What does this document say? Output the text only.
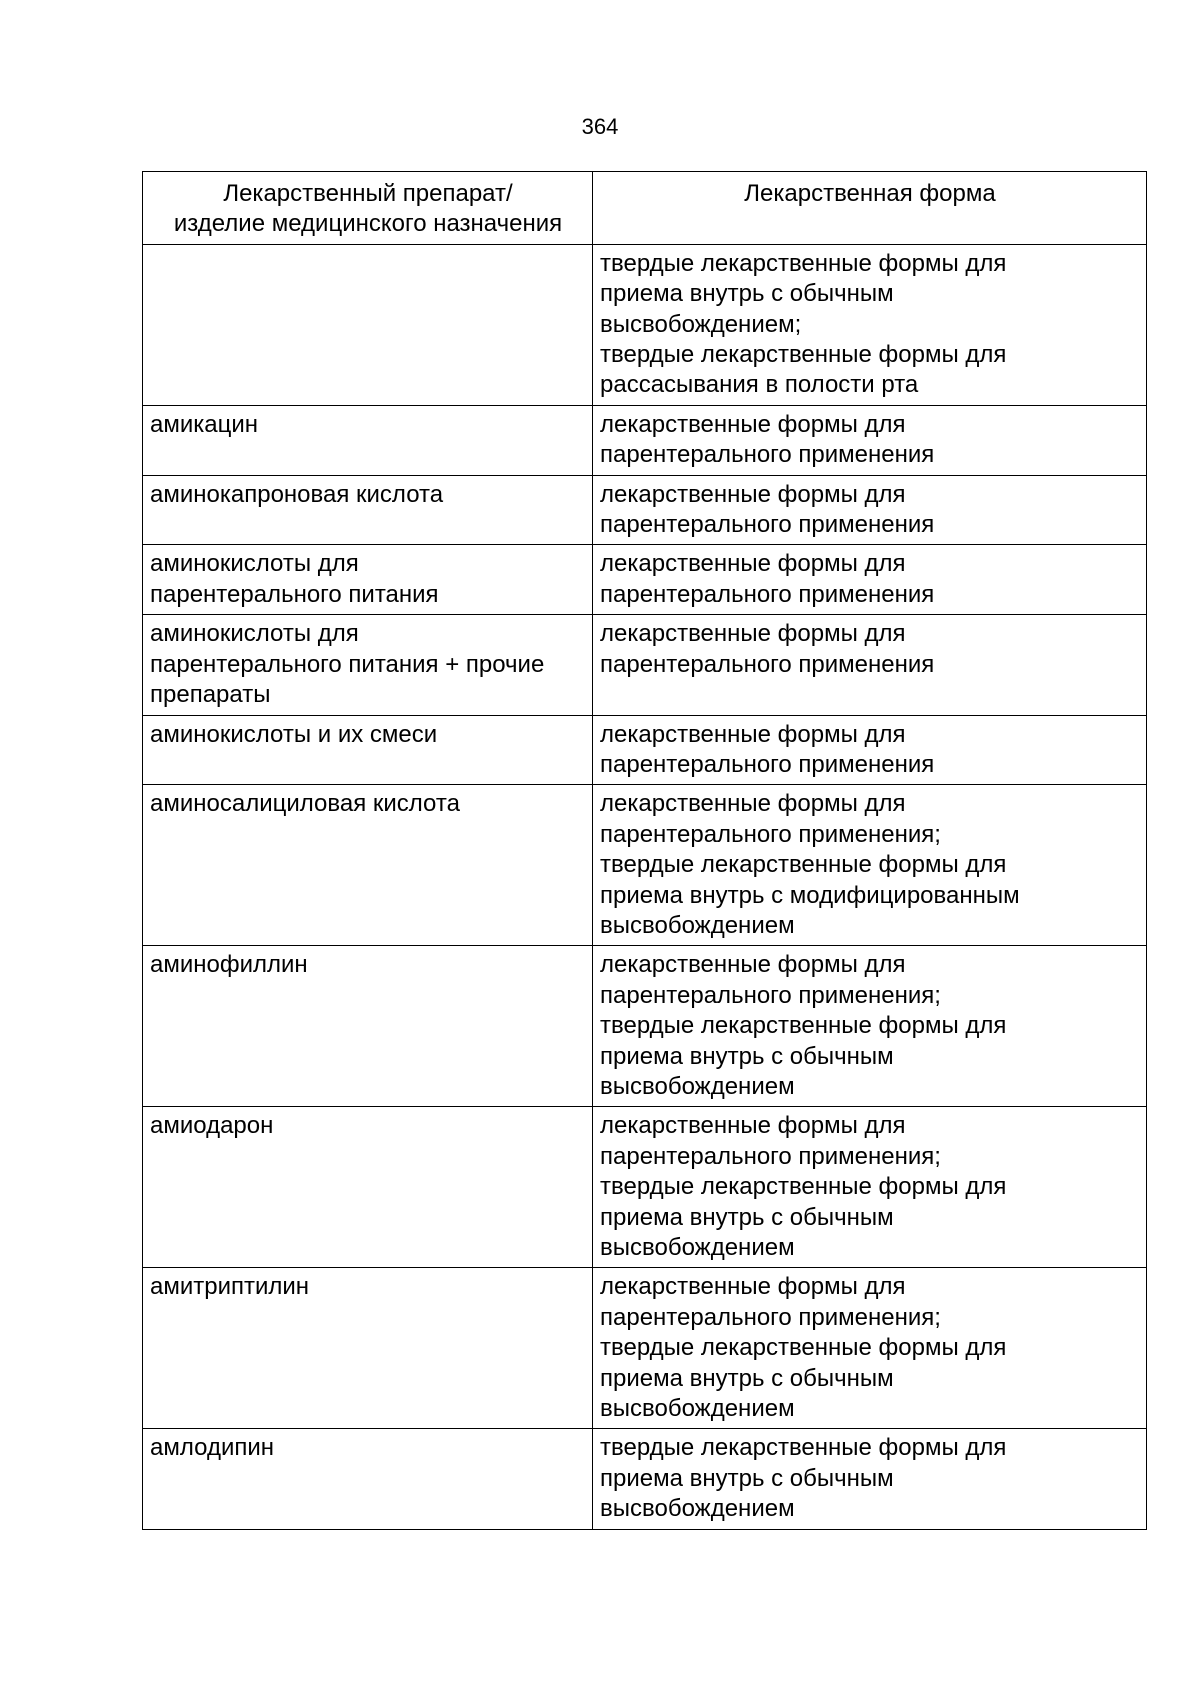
364
Лекарственный препарат/
изделие медицинского назначения	Лекарственная форма
	твердые лекарственные формы для
приема внутрь с обычным
высвобождением;
твердые лекарственные формы для
рассасывания в полости рта
амикацин	лекарственные формы для
парентерального применения
аминокапроновая кислота	лекарственные формы для
парентерального применения
аминокислоты для
парентерального питания	лекарственные формы для
парентерального применения
аминокислоты для
парентерального питания + прочие
препараты	лекарственные формы для
парентерального применения
аминокислоты и их смеси	лекарственные формы для
парентерального применения
аминосалициловая кислота	лекарственные формы для
парентерального применения;
твердые лекарственные формы для
приема внутрь с модифицированным
высвобождением
аминофиллин	лекарственные формы для
парентерального применения;
твердые лекарственные формы для
приема внутрь с обычным
высвобождением
амиодарон	лекарственные формы для
парентерального применения;
твердые лекарственные формы для
приема внутрь с обычным
высвобождением
амитриптилин	лекарственные формы для
парентерального применения;
твердые лекарственные формы для
приема внутрь с обычным
высвобождением
амлодипин	твердые лекарственные формы для
приема внутрь с обычным
высвобождением
